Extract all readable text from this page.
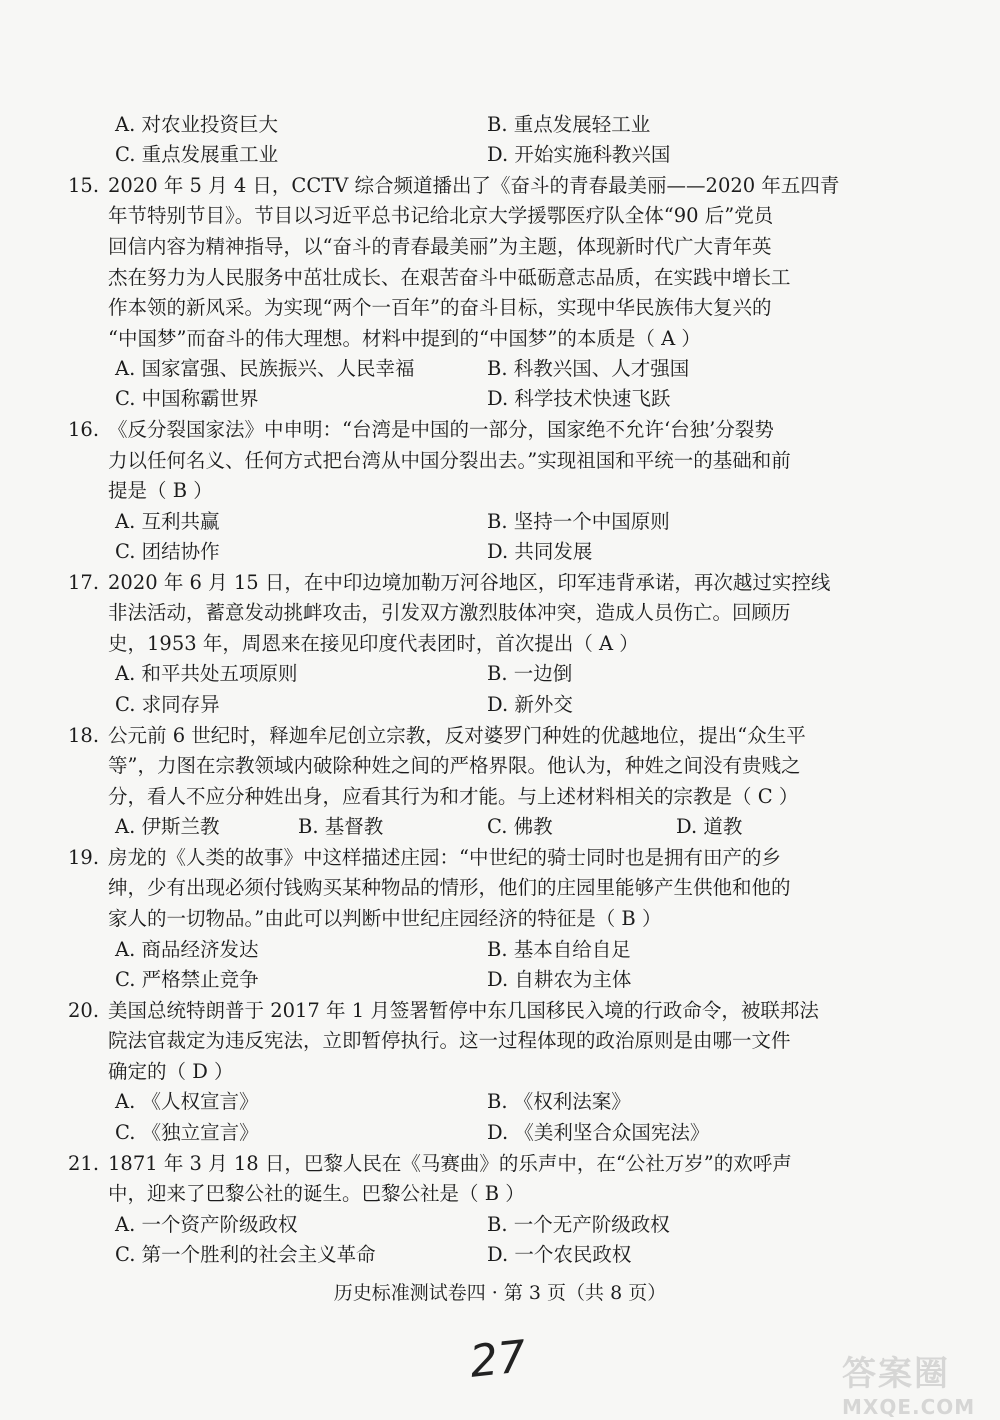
A. 对农业投资巨大	B. 重点发展轻工业
C. 重点发展重工业	D. 开始实施科教兴国
15. 2020 年 5 月 4 日，CCTV 综合频道播出了《奋斗的青春最美丽——2020 年五四青
年节特别节目》。节目以习近平总书记给北京大学援鄂医疗队全体“90 后”党员
回信内容为精神指导，以“奋斗的青春最美丽”为主题，体现新时代广大青年英
杰在努力为人民服务中茁壮成长、在艰苦奋斗中砥砺意志品质，在实践中增长工
作本领的新风采。为实现“两个一百年”的奋斗目标，实现中华民族伟大复兴的
“中国梦”而奋斗的伟大理想。材料中提到的“中国梦”的本质是（ A ）
A. 国家富强、民族振兴、人民幸福	B. 科教兴国、人才强国
C. 中国称霸世界	D. 科学技术快速飞跃
16. 《反分裂国家法》中申明：“台湾是中国的一部分，国家绝不允许‘台独’分裂势
力以任何名义、任何方式把台湾从中国分裂出去。”实现祖国和平统一的基础和前
提是（ B ）
A. 互利共赢	B. 坚持一个中国原则
C. 团结协作	D. 共同发展
17. 2020 年 6 月 15 日，在中印边境加勒万河谷地区，印军违背承诺，再次越过实控线
非法活动，蓄意发动挑衅攻击，引发双方激烈肢体冲突，造成人员伤亡。回顾历
史，1953 年，周恩来在接见印度代表团时，首次提出（ A ）
A. 和平共处五项原则	B. 一边倒
C. 求同存异	D. 新外交
18. 公元前 6 世纪时，释迦牟尼创立宗教，反对婆罗门种姓的优越地位，提出“众生平
等”，力图在宗教领域内破除种姓之间的严格界限。他认为，种姓之间没有贵贱之
分，看人不应分种姓出身，应看其行为和才能。与上述材料相关的宗教是（ C ）
A. 伊斯兰教	B. 基督教	C. 佛教	D. 道教
19. 房龙的《人类的故事》中这样描述庄园：“中世纪的骑士同时也是拥有田产的乡
绅，少有出现必须付钱购买某种物品的情形，他们的庄园里能够产生供他和他的
家人的一切物品。”由此可以判断中世纪庄园经济的特征是（ B ）
A. 商品经济发达	B. 基本自给自足
C. 严格禁止竞争	D. 自耕农为主体
20. 美国总统特朗普于 2017 年 1 月签署暂停中东几国移民入境的行政命令，被联邦法
院法官裁定为违反宪法，立即暂停执行。这一过程体现的政治原则是由哪一文件
确定的（ D ）
A. 《人权宣言》	B. 《权利法案》
C. 《独立宣言》	D. 《美利坚合众国宪法》
21. 1871 年 3 月 18 日，巴黎人民在《马赛曲》的乐声中，在“公社万岁”的欢呼声
中，迎来了巴黎公社的诞生。巴黎公社是（ B ）
A. 一个资产阶级政权	B. 一个无产阶级政权
C. 第一个胜利的社会主义革命	D. 一个农民政权
历史标准测试卷四 · 第 3 页（共 8 页）
27	答案圈
MXQE.COM
